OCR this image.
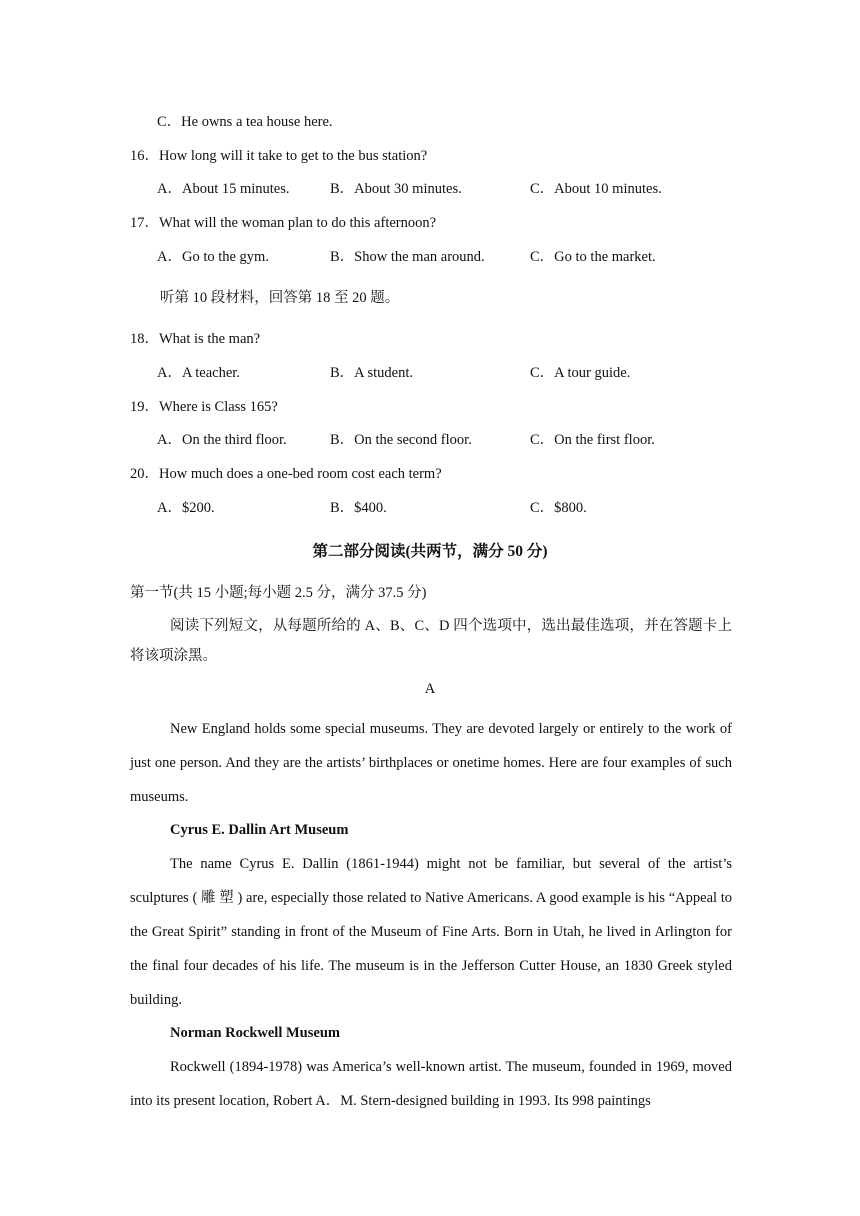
C．He owns a tea house here.
16．How long will it take to get to the bus station?
A．About 15 minutes.	B．About 30 minutes.	C．About 10 minutes.
17．What will the woman plan to do this afternoon?
A．Go to the gym.	B．Show the man around.	C．Go to the market.
听第 10 段材料，回答第 18 至 20 题。
18．What is the man?
A．A teacher.	B．A student.	C．A tour guide.
19．Where is Class 165?
A．On the third floor.	B．On the second floor.	C．On the first floor.
20．How much does a one-bed room cost each term?
A．$200.	B．$400.	C．$800.
第二部分阅读(共两节，满分 50 分)
第一节(共 15 小题;每小题 2.5 分，满分 37.5 分)
阅读下列短文，从每题所给的 A、B、C、D 四个选项中，选出最佳选项，并在答题卡上将该项涂黑。
A
New England holds some special museums. They are devoted largely or entirely to the work of just one person. And they are the artists’ birthplaces or onetime homes. Here are four examples of such museums.
Cyrus E. Dallin Art Museum
The name Cyrus E. Dallin (1861-1944) might not be familiar, but several of the artist’s sculptures ( 雕 塑 ) are, especially those related to Native Americans. A good example is his “Appeal to the Great Spirit” standing in front of the Museum of Fine Arts. Born in Utah, he lived in Arlington for the final four decades of his life. The museum is in the Jefferson Cutter House, an 1830 Greek styled building.
Norman Rockwell Museum
Rockwell (1894-1978) was America’s well-known artist. The museum, founded in 1969, moved into its present location, Robert A．M. Stern-designed building in 1993. Its 998 paintings
